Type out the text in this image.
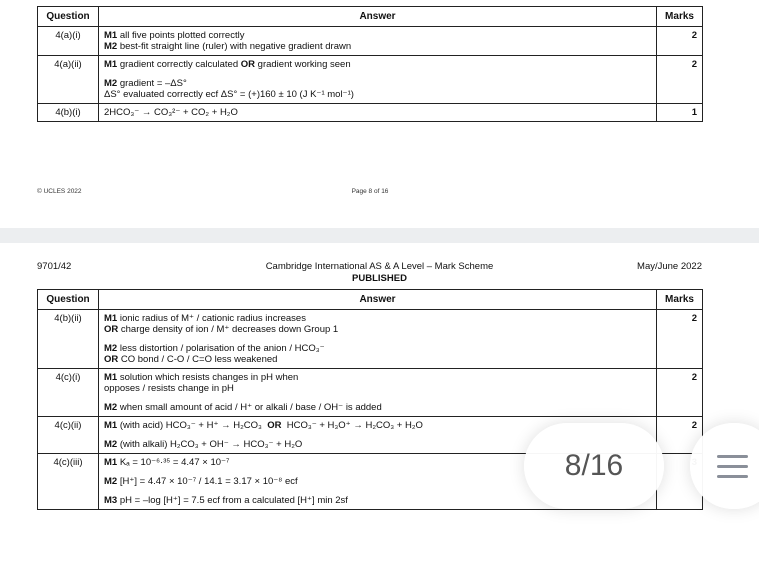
Question	Answer	Marks
4(a)(i)	M1 all five points plotted correctly
M2 best-fit straight line (ruler) with negative gradient drawn	2
4(a)(ii)	M1 gradient correctly calculated OR gradient working seen
M2 gradient = –ΔS°
ΔS° evaluated correctly ecf ΔS° = (+)160 ± 10 (J K⁻¹ mol⁻¹)	2
4(b)(i)	2HCO₃⁻ → CO₃²⁻ + CO₂ + H₂O	1
© UCLES 2022	Page 8 of 16
Question	Answer	Marks
4(b)(ii)	M1 ionic radius of M⁺ / cationic radius increases
OR charge density of ion / M⁺ decreases down Group 1
M2 less distortion / polarisation of the anion / HCO₃⁻
OR CO bond / C-O / C=O less weakened	2
4(c)(i)	M1 solution which resists changes in pH when
opposes / resists change in pH
M2 when small amount of acid / H⁺ or alkali / base / OH⁻ is added	2
4(c)(ii)	M1 (with acid) HCO₃⁻ + H⁺ → H₂CO₃  OR  HCO₃⁻ + H₃O⁺ → H₂CO₃ + H₂O
M2 (with alkali) H₂CO₃ + OH⁻ → HCO₃⁻ + H₂O	2
4(c)(iii)	M1 Kₐ = 10⁻⁶·³⁵ = 4.47 × 10⁻⁷
M2 [H⁺] = 4.47 × 10⁻⁷ / 14.1 = 3.17 × 10⁻⁸ ecf
M3 pH = –log [H⁺] = 7.5 ecf from a calculated [H⁺] min 2sf

9701/42	Cambridge International AS & A Level – Mark Scheme
PUBLISHED
May/June 2022
8/16
